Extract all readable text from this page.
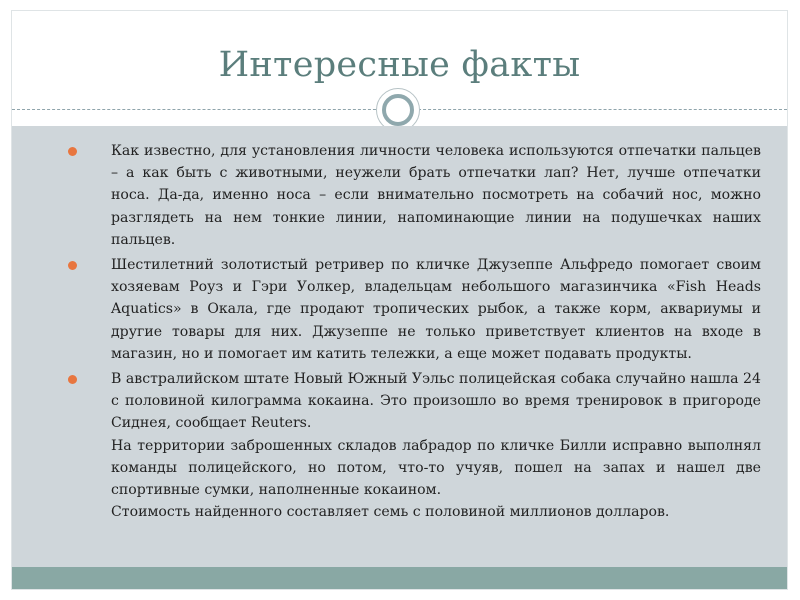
Интересные факты

Как известно, для установления личности человека используются отпечатки пальцев – а как быть с животными, неужели брать отпечатки лап? Нет, лучше отпечатки носа. Да-да, именно носа – если внимательно посмотреть на собачий нос, можно разглядеть на нем тонкие линии, напоминающие линии на подушечках наших пальцев.

Шестилетний золотистый ретривер по кличке Джузеппе Альфредо помогает своим хозяевам Роуз и Гэри Уолкер, владельцам небольшого магазинчика «Fish Heads Aquatics» в Окала, где продают тропических рыбок, а также корм, аквариумы и другие товары для них. Джузеппе не только приветствует клиентов на входе в магазин, но и помогает им катить тележки, а еще может подавать продукты.

В австралийском штате Новый Южный Уэльс полицейская собака случайно нашла 24 с половиной килограмма кокаина. Это произошло во время тренировок в пригороде Сиднея, сообщает Reuters.

На территории заброшенных складов лабрадор по кличке Билли исправно выполнял команды полицейского, но потом, что-то учуяв, пошел на запах и нашел две спортивные сумки, наполненные кокаином.

Стоимость найденного составляет семь с половиной миллионов долларов.
